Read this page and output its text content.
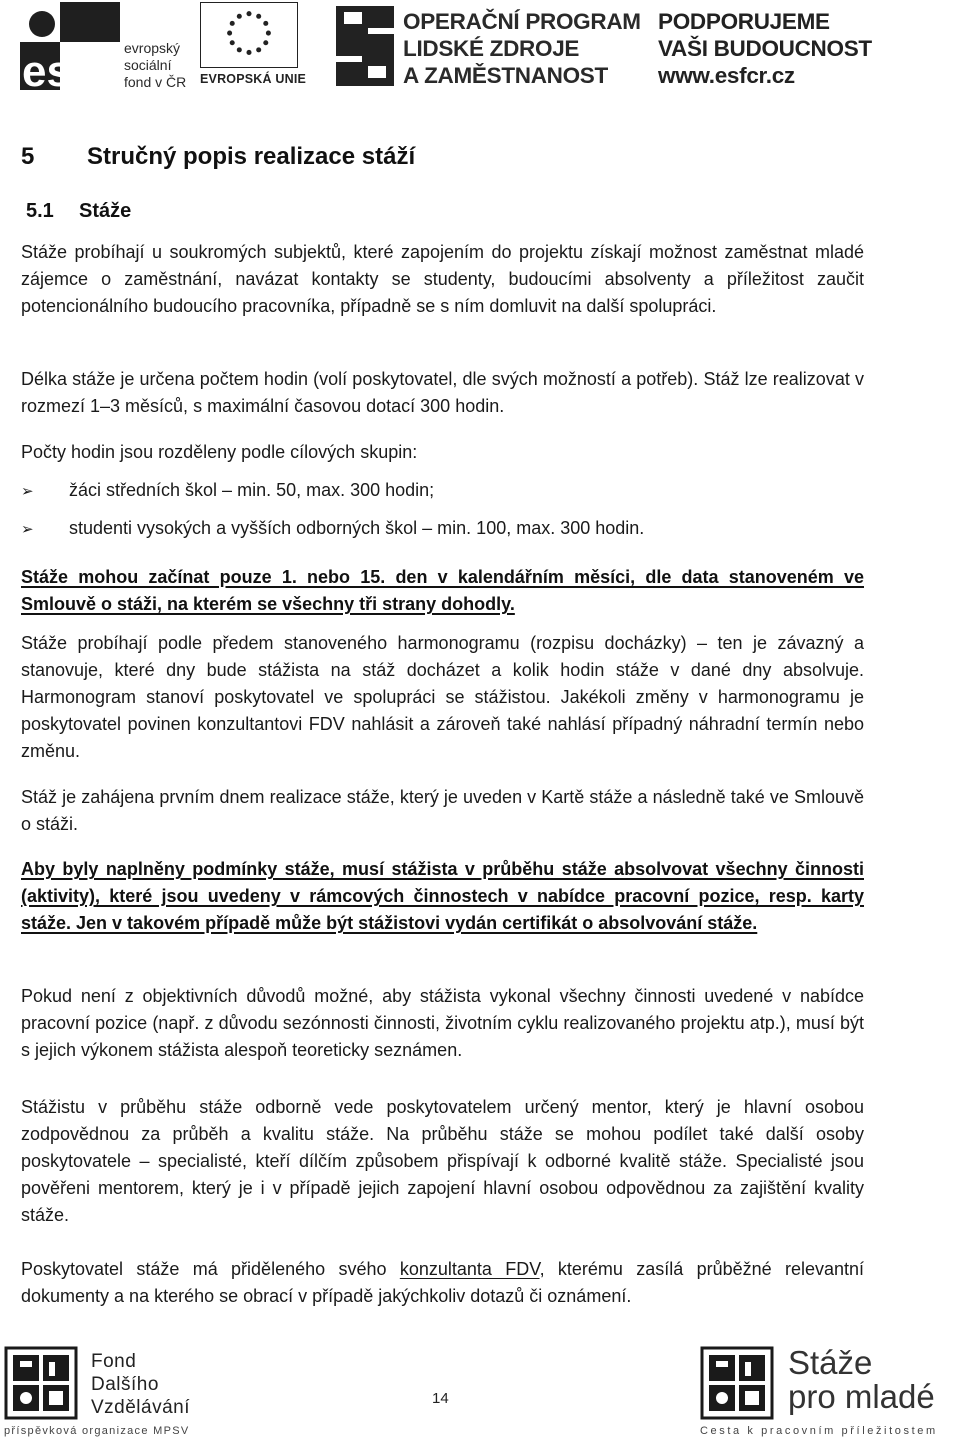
esf	evropský
sociální
fond v ČR EVROPSKÁ UNIE
OPERAČNÍ PROGRAM
LIDSKÉ ZDROJE
A ZAMĚSTNANOST
PODPORUJEME
VAŠI BUDOUCNOST
www.esfcr.cz
5 Stručný popis realizace stáží
5.1 Stáže

Stáže probíhají u soukromých subjektů, které zapojením do projektu získají možnost zaměstnat mladé zájemce o zaměstnání, navázat kontakty se studenty, budoucími absolventy a příležitost zaučit potencionálního budoucího pracovníka, případně se s ním domluvit na další spolupráci.

Délka stáže je určena počtem hodin (volí poskytovatel, dle svých možností a potřeb). Stáž lze realizovat v rozmezí 1–3 měsíců, s maximální časovou dotací 300 hodin.

Počty hodin jsou rozděleny podle cílových skupin:

➢ žáci středních škol – min. 50, max. 300 hodin;
➢ studenti vysokých a vyšších odborných škol – min. 100, max. 300 hodin.

Stáže mohou začínat pouze 1. nebo 15. den v kalendářním měsíci, dle data stanoveném ve Smlouvě o stáži, na kterém se všechny tři strany dohodly.

Stáže probíhají podle předem stanoveného harmonogramu (rozpisu docházky) – ten je závazný a stanovuje, které dny bude stážista na stáž docházet a kolik hodin stáže v dané dny absolvuje. Harmonogram stanoví poskytovatel ve spolupráci se stážistou. Jakékoli změny v harmonogramu je poskytovatel povinen konzultantovi FDV nahlásit a zároveň také nahlásí případný náhradní termín nebo změnu.

Stáž je zahájena prvním dnem realizace stáže, který je uveden v Kartě stáže a následně také ve Smlouvě o stáži.

Aby byly naplněny podmínky stáže, musí stážista v průběhu stáže absolvovat všechny činnosti (aktivity), které jsou uvedeny v rámcových činnostech v nabídce pracovní pozice, resp. karty stáže. Jen v takovém případě může být stážistovi vydán certifikát o absolvování stáže.

Pokud není z objektivních důvodů možné, aby stážista vykonal všechny činnosti uvedené v nabídce pracovní pozice (např. z důvodu sezónnosti činnosti, životním cyklu realizovaného projektu atp.), musí být s jejich výkonem stážista alespoň teoreticky seznámen.

Stážistu v průběhu stáže odborně vede poskytovatelem určený mentor, který je hlavní osobou zodpovědnou za průběh a kvalitu stáže. Na průběhu stáže se mohou podílet také další osoby poskytovatele – specialisté, kteří dílčím způsobem přispívají k odborné kvalitě stáže. Specialisté jsou pověřeni mentorem, který je i v případě jejich zapojení hlavní osobou odpovědnou za zajištění kvality stáže.

Poskytovatel stáže má přiděleného svého konzultanta FDV, kterému zasílá průběžné relevantní dokumenty a na kterého se obrací v případě jakýchkoliv dotazů či oznámení.

Fond
Dalšího
Vzdělávání
příspěvková organizace MPSV
14
Stáže
pro mladé
Cesta k pracovním příležitostem
